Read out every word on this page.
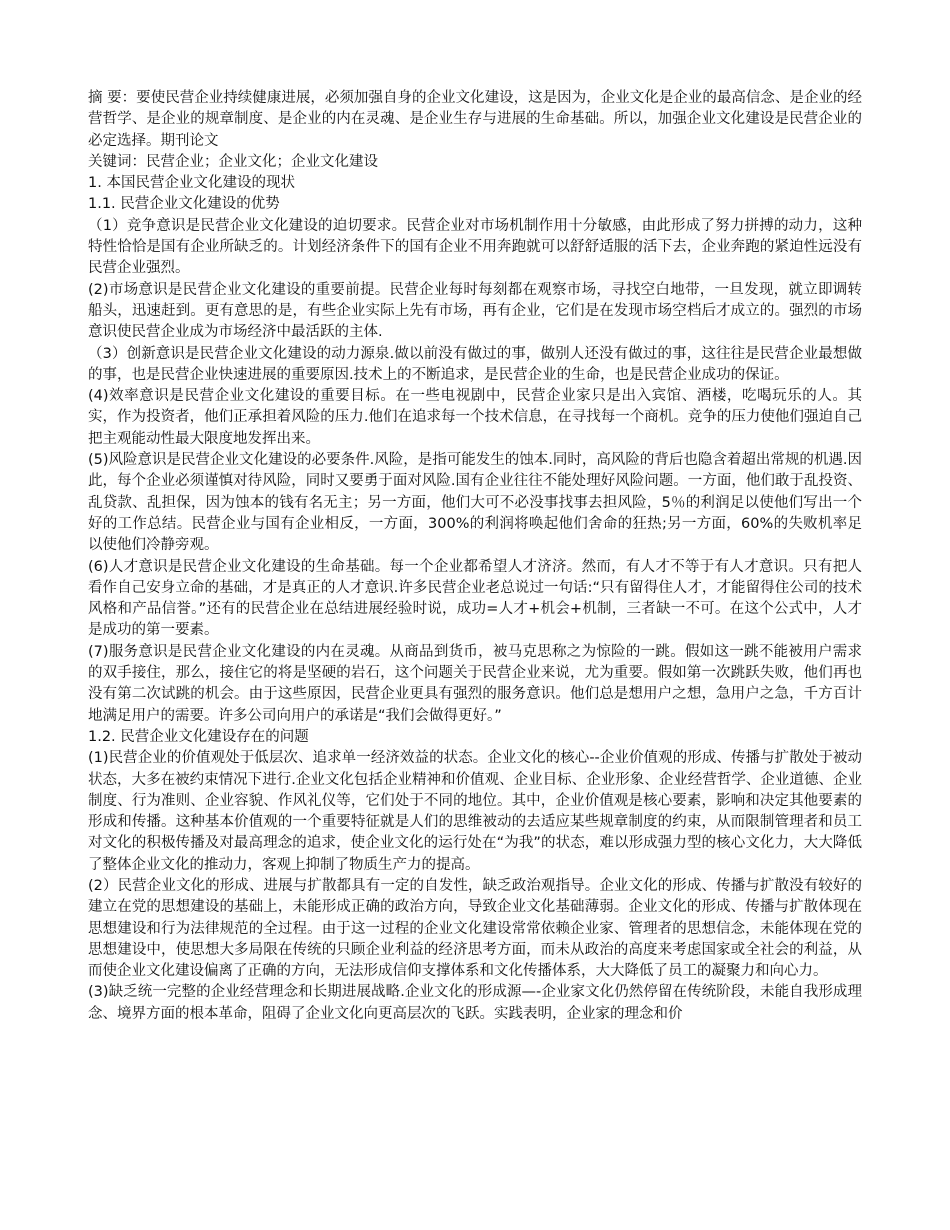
摘 要：要使民营企业持续健康进展，必须加强自身的企业文化建设，这是因为，企业文化是企业的最高信念、是企业的经营哲学、是企业的规章制度、是企业的内在灵魂、是企业生存与进展的生命基础。所以，加强企业文化建设是民营企业的必定选择。期刊论文

关键词：民营企业；企业文化；企业文化建设

1. 本国民营企业文化建设的现状

1.1. 民营企业文化建设的优势

（1）竞争意识是民营企业文化建设的迫切要求。民营企业对市场机制作用十分敏感，由此形成了努力拼搏的动力，这种特性恰恰是国有企业所缺乏的。计划经济条件下的国有企业不用奔跑就可以舒舒适服的活下去，企业奔跑的紧迫性远没有民营企业强烈。

(2)市场意识是民营企业文化建设的重要前提。民营企业每时每刻都在观察市场，寻找空白地带，一旦发现，就立即调转船头，迅速赶到。更有意思的是，有些企业实际上先有市场，再有企业，它们是在发现市场空档后才成立的。强烈的市场意识使民营企业成为市场经济中最活跃的主体.

（3）创新意识是民营企业文化建设的动力源泉.做以前没有做过的事，做别人还没有做过的事，这往往是民营企业最想做的事，也是民营企业快速进展的重要原因.技术上的不断追求，是民营企业的生命，也是民营企业成功的保证。

(4)效率意识是民营企业文化建设的重要目标。在一些电视剧中，民营企业家只是出入宾馆、酒楼，吃喝玩乐的人。其实，作为投资者，他们正承担着风险的压力.他们在追求每一个技术信息，在寻找每一个商机。竞争的压力使他们强迫自己把主观能动性最大限度地发挥出来。

(5)风险意识是民营企业文化建设的必要条件.风险，是指可能发生的蚀本.同时，高风险的背后也隐含着超出常规的机遇.因此，每个企业必须谨慎对待风险，同时又要勇于面对风险.国有企业往往不能处理好风险问题。一方面，他们敢于乱投资、乱贷款、乱担保，因为蚀本的钱有名无主；另一方面，他们大可不必没事找事去担风险，5％的利润足以使他们写出一个好的工作总结。民营企业与国有企业相反，一方面，300%的利润将唤起他们舍命的狂热;另一方面，60%的失败机率足以使他们冷静旁观。

(6)人才意识是民营企业文化建设的生命基础。每一个企业都希望人才济济。然而，有人才不等于有人才意识。只有把人看作自己安身立命的基础，才是真正的人才意识.许多民营企业老总说过一句话:“只有留得住人才，才能留得住公司的技术风格和产品信誉。”还有的民营企业在总结进展经验时说，成功=人才+机会+机制，三者缺一不可。在这个公式中，人才是成功的第一要素。

(7)服务意识是民营企业文化建设的内在灵魂。从商品到货币，被马克思称之为惊险的一跳。假如这一跳不能被用户需求的双手接住，那么，接住它的将是坚硬的岩石，这个问题关于民营企业来说，尤为重要。假如第一次跳跃失败，他们再也没有第二次试跳的机会。由于这些原因，民营企业更具有强烈的服务意识。他们总是想用户之想，急用户之急，千方百计地满足用户的需要。许多公司向用户的承诺是“我们会做得更好。”

1.2. 民营企业文化建设存在的问题

(1)民营企业的价值观处于低层次、追求单一经济效益的状态。企业文化的核心--企业价值观的形成、传播与扩散处于被动状态，大多在被约束情况下进行.企业文化包括企业精神和价值观、企业目标、企业形象、企业经营哲学、企业道德、企业制度、行为准则、企业容貌、作风礼仪等，它们处于不同的地位。其中，企业价值观是核心要素，影响和决定其他要素的形成和传播。这种基本价值观的一个重要特征就是人们的思维被动的去适应某些规章制度的约束，从而限制管理者和员工对文化的积极传播及对最高理念的追求，使企业文化的运行处在“为我”的状态，难以形成强力型的核心文化力，大大降低了整体企业文化的推动力，客观上抑制了物质生产力的提高。

(2）民营企业文化的形成、进展与扩散都具有一定的自发性，缺乏政治观指导。企业文化的形成、传播与扩散没有较好的建立在党的思想建设的基础上，未能形成正确的政治方向，导致企业文化基础薄弱。企业文化的形成、传播与扩散体现在思想建设和行为法律规范的全过程。由于这一过程的企业文化建设常常依赖企业家、管理者的思想信念，未能体现在党的思想建设中，使思想大多局限在传统的只顾企业利益的经济思考方面，而未从政治的高度来考虑国家或全社会的利益，从而使企业文化建设偏离了正确的方向，无法形成信仰支撑体系和文化传播体系，大大降低了员工的凝聚力和向心力。

(3)缺乏统一完整的企业经营理念和长期进展战略.企业文化的形成源—-企业家文化仍然停留在传统阶段，未能自我形成理念、境界方面的根本革命，阻碍了企业文化向更高层次的飞跃。实践表明，企业家的理念和价
